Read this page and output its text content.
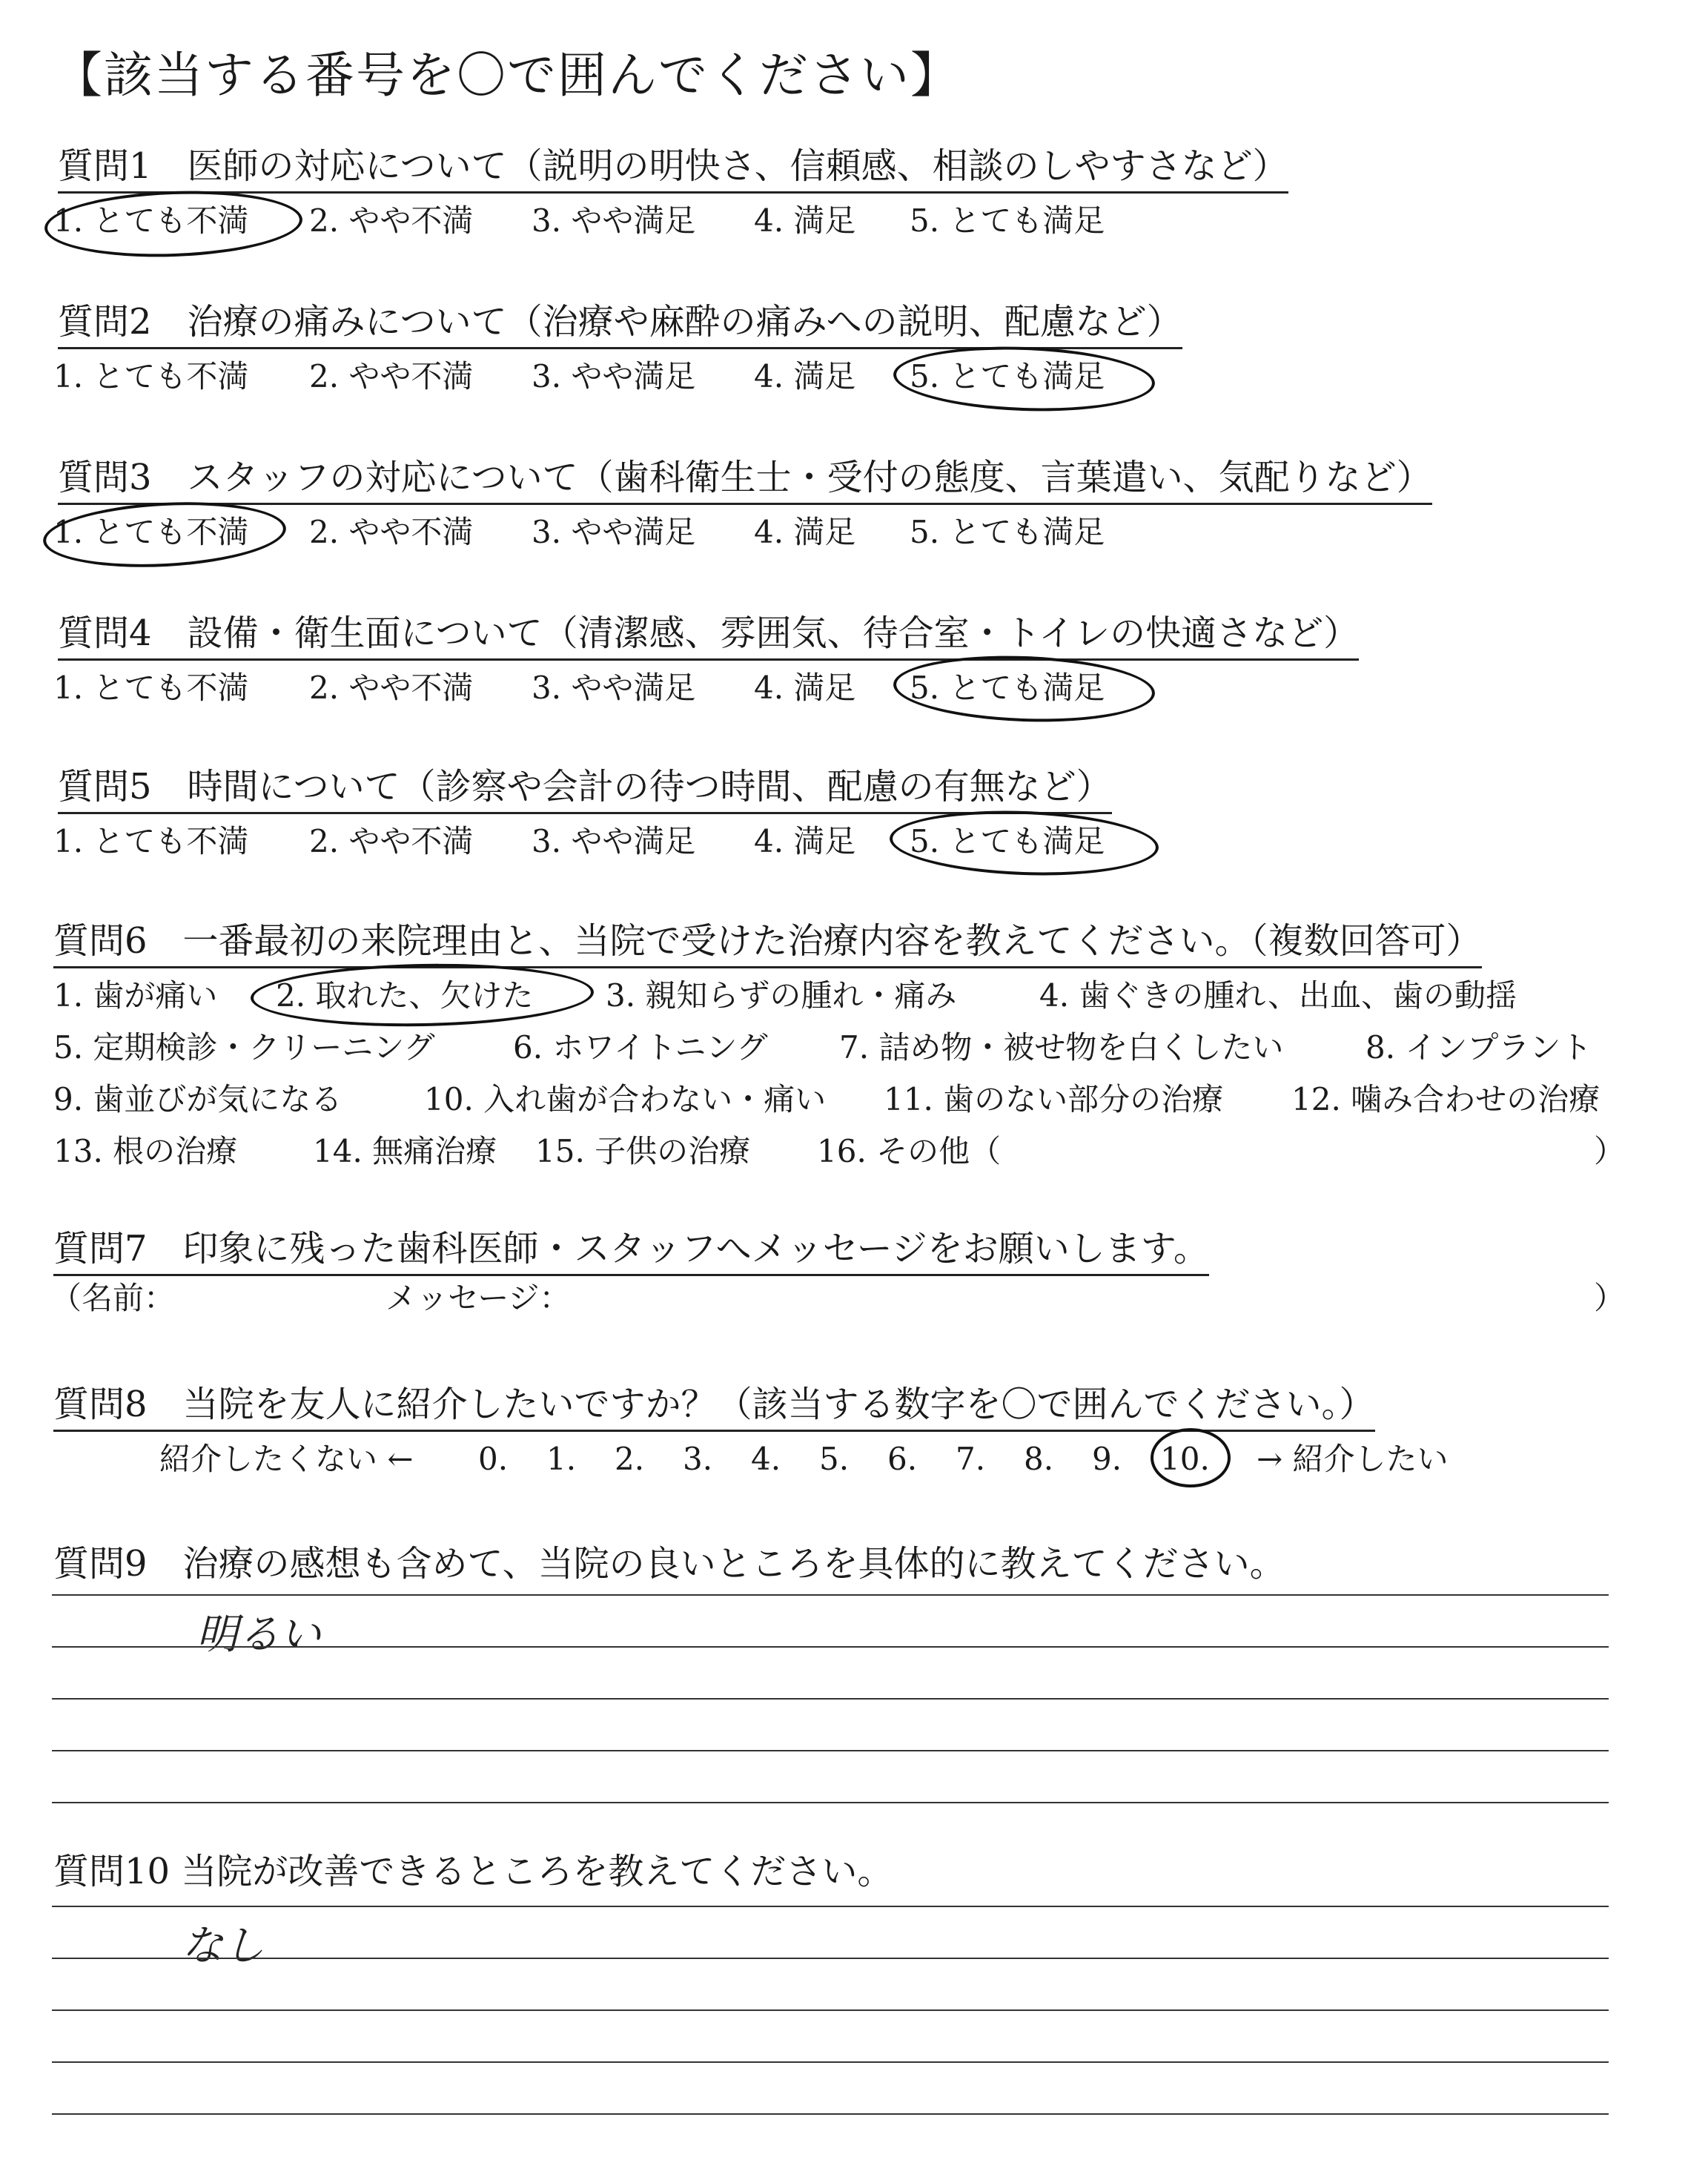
【該当する番号を〇で囲んでください】
質問1　医師の対応について（説明の明快さ、信頼感、相談のしやすさなど）
1. とても不満 2. やや不満 3. やや満足 4. 満足 5. とても満足
質問2　治療の痛みについて（治療や麻酔の痛みへの説明、配慮など）
1. とても不満 2. やや不満 3. やや満足 4. 満足 5. とても満足
質問3　スタッフの対応について（歯科衛生士・受付の態度、言葉遣い、気配りなど）
1. とても不満 2. やや不満 3. やや満足 4. 満足 5. とても満足
質問4　設備・衛生面について（清潔感、雰囲気、待合室・トイレの快適さなど）
1. とても不満 2. やや不満 3. やや満足 4. 満足 5. とても満足
質問5　時間について（診察や会計の待つ時間、配慮の有無など）
1. とても不満 2. やや不満 3. やや満足 4. 満足 5. とても満足
質問6　一番最初の来院理由と、当院で受けた治療内容を教えてください。（複数回答可）
1. 歯が痛い 2. 取れた、欠けた 3. 親知らずの腫れ・痛み	4. 歯ぐきの腫れ、出血、歯の動揺
5. 定期検診・クリーニング	6. ホワイトニング 7. 詰め物・被せ物を白くしたい	8. インプラント
9. 歯並びが気になる	10. 入れ歯が合わない・痛い 11. 歯のない部分の治療 12. 噛み合わせの治療
13. 根の治療 14. 無痛治療 15. 子供の治療 16. その他（	）
質問7　印象に残った歯科医師・スタッフへメッセージをお願いします。
（名前：	メッセージ：	）
質問8　当院を友人に紹介したいですか？（該当する数字を〇で囲んでください。）
紹介したくない ← 0. 1. 2. 3. 4. 5. 6. 7. 8. 9. 10. → 紹介したい
質問9　治療の感想も含めて、当院の良いところを具体的に教えてください。
明るい
質問10 当院が改善できるところを教えてください。
なし
